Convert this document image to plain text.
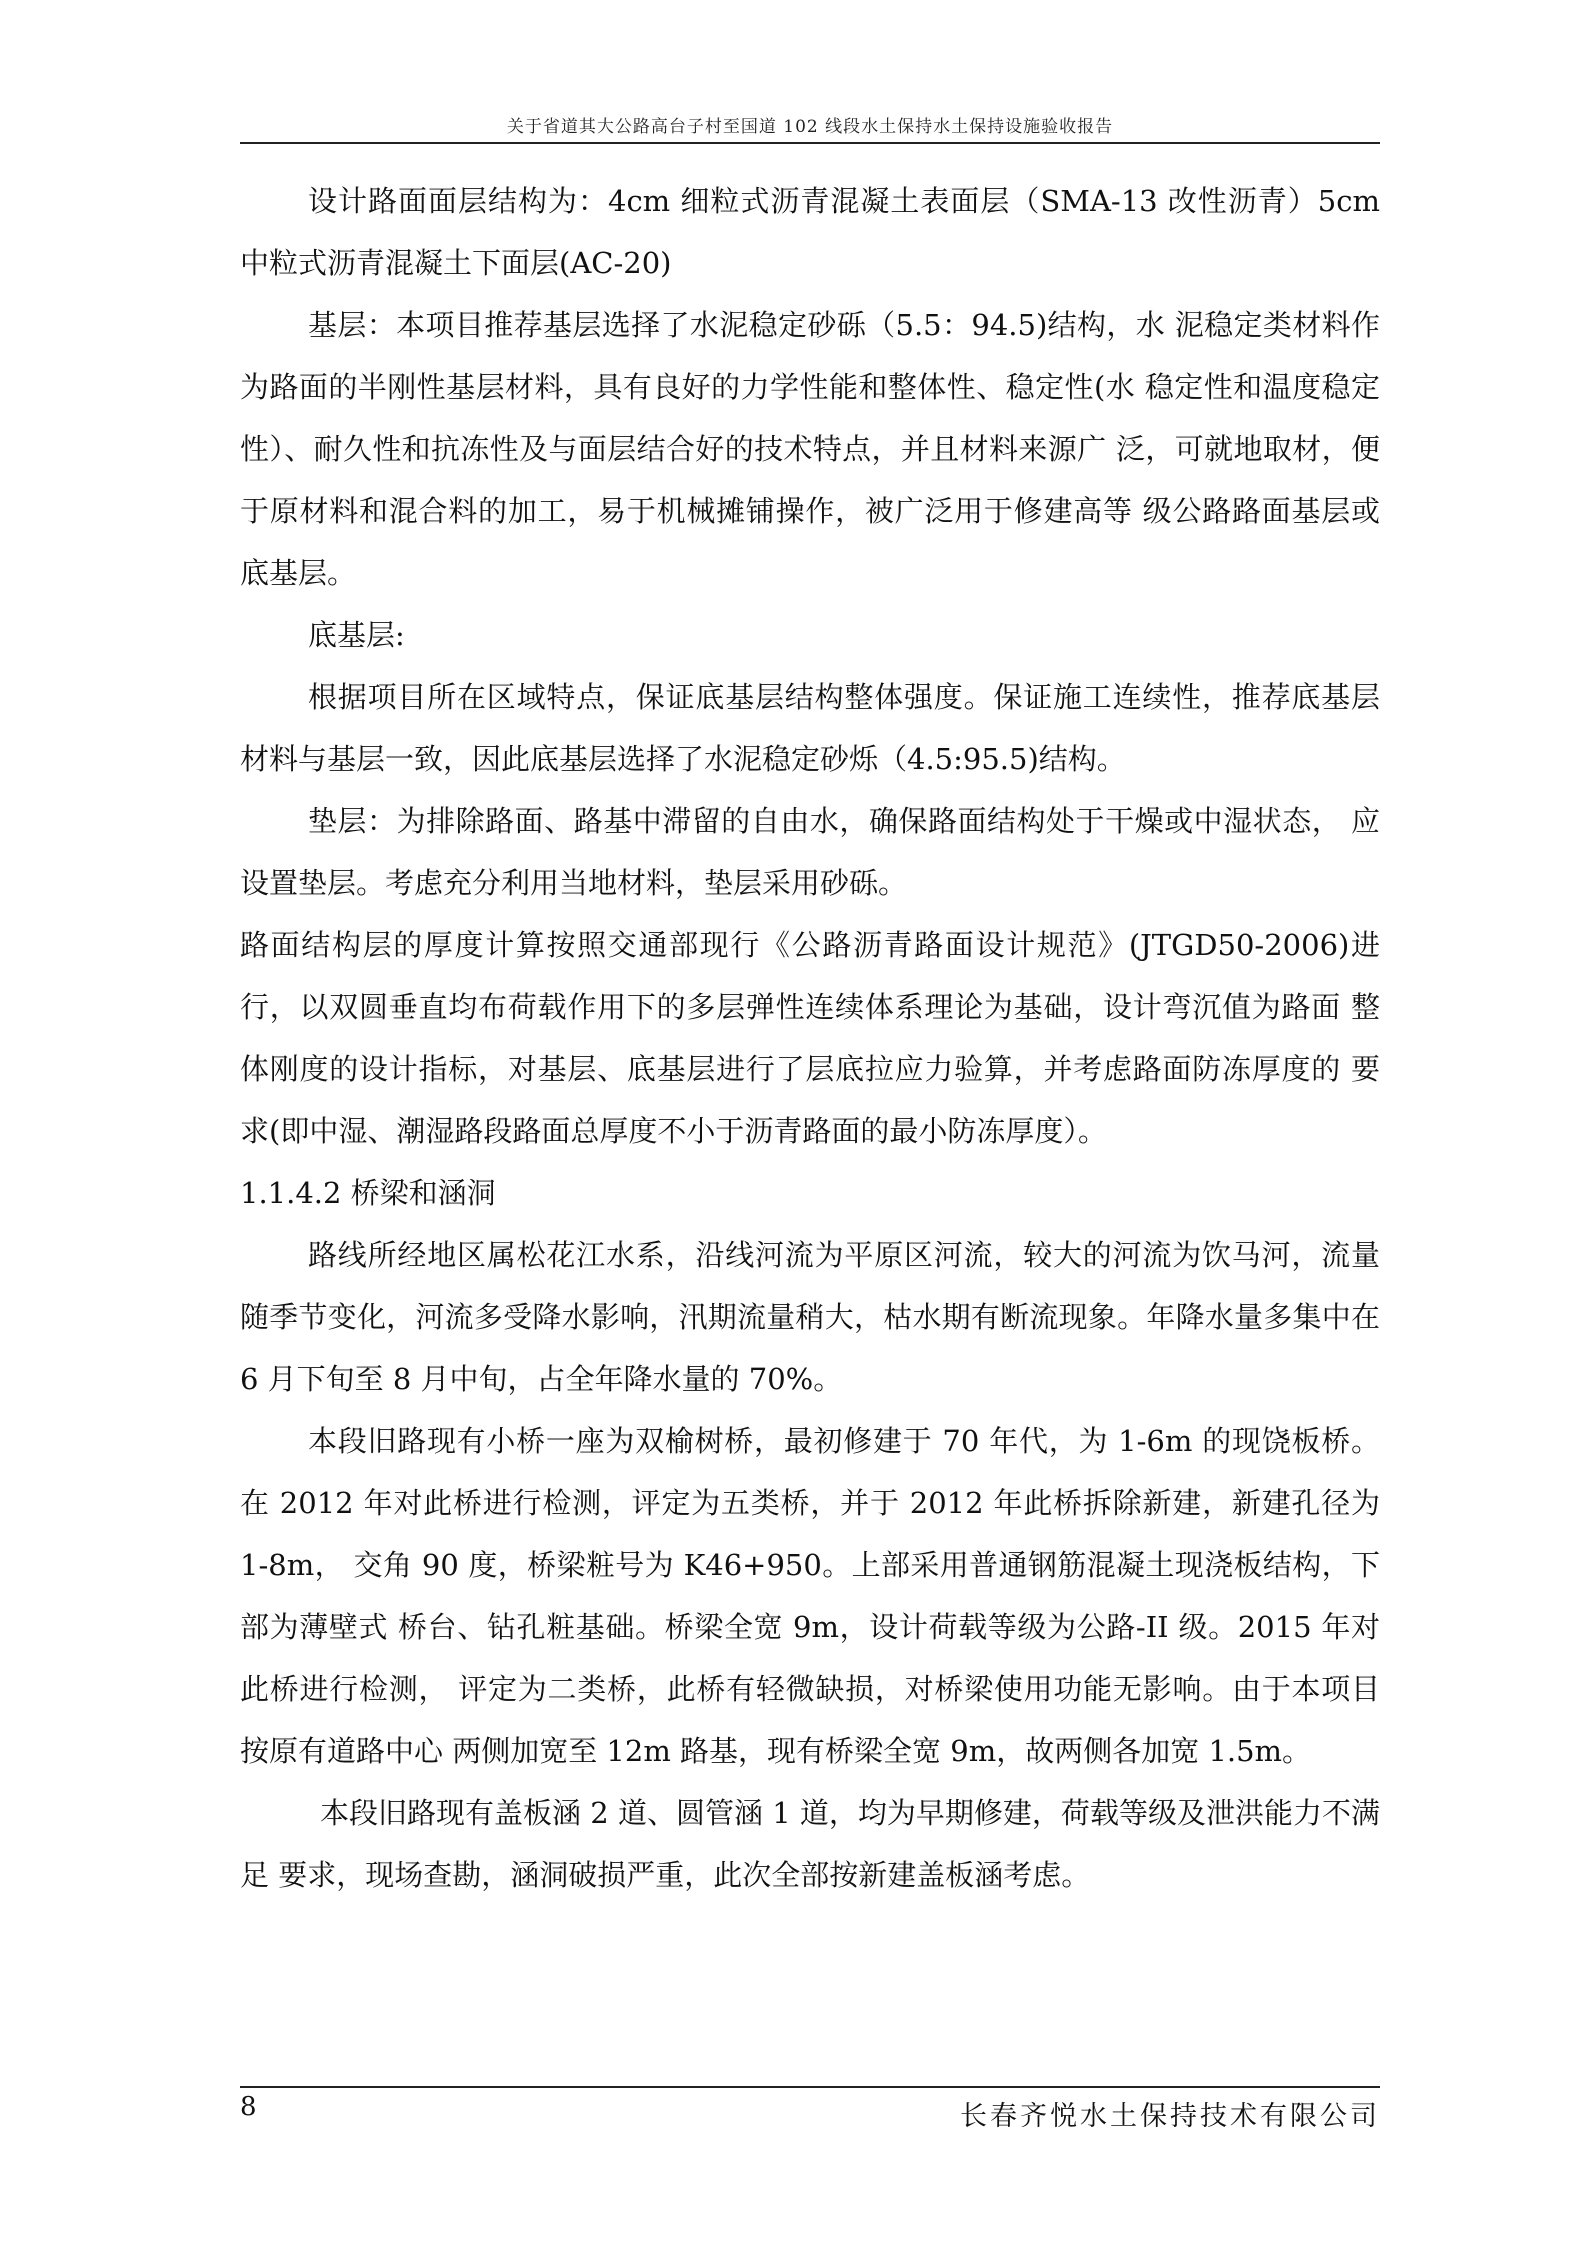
关于省道其大公路高台子村至国道 102 线段水土保持水土保持设施验收报告

设计路面面层结构为：4cm 细粒式沥青混凝土表面层（SMA-13 改性沥青）5cm 中粒式沥青混凝土下面层(AC-20)

基层：本项目推荐基层选择了水泥稳定砂砾（5.5：94.5)结构，水 泥稳定类材料作为路面的半刚性基层材料，具有良好的力学性能和整体性、稳定性(水 稳定性和温度稳定性）、耐久性和抗冻性及与面层结合好的技术特点，并且材料来源广 泛，可就地取材，便于原材料和混合料的加工，易于机械摊铺操作，被广泛用于修建高等 级公路路面基层或底基层。

底基层:

根据项目所在区域特点，保证底基层结构整体强度。保证施工连续性，推荐底基层 材料与基层一致，因此底基层选择了水泥稳定砂烁（4.5:95.5)结构。

垫层：为排除路面、路基中滞留的自由水，确保路面结构处于干燥或中湿状态， 应设置垫层。考虑充分利用当地材料，垫层采用砂砾。

路面结构层的厚度计算按照交通部现行《公路沥青路面设计规范》(JTGD50-2006)进行，以双圆垂直均布荷载作用下的多层弹性连续体系理论为基础，设计弯沉值为路面 整体刚度的设计指标，对基层、底基层进行了层底拉应力验算，并考虑路面防冻厚度的 要求(即中湿、潮湿路段路面总厚度不小于沥青路面的最小防冻厚度）。

1.1.4.2 桥梁和涵洞

路线所经地区属松花江水系，沿线河流为平原区河流，较大的河流为饮马河，流量 随季节变化，河流多受降水影响，汛期流量稍大，枯水期有断流现象。年降水量多集中在 6 月下旬至 8 月中旬，占全年降水量的 70%。

本段旧路现有小桥一座为双榆树桥，最初修建于 70 年代，为 1-6m 的现饶板桥。在 2012 年对此桥进行检测，评定为五类桥，并于 2012 年此桥拆除新建，新建孔径为 1-8m， 交角 90 度，桥梁粧号为 K46+950。上部采用普通钢筋混凝土现浇板结构，下部为薄壁式 桥台、钻孔粧基础。桥梁全宽 9m，设计荷载等级为公路-II 级。2015 年对此桥进行检测， 评定为二类桥，此桥有轻微缺损，对桥梁使用功能无影响。由于本项目按原有道路中心 两侧加宽至 12m 路基，现有桥梁全宽 9m，故两侧各加宽 1.5m。

本段旧路现有盖板涵 2 道、圆管涵 1 道，均为早期修建，荷载等级及泄洪能力不满足 要求，现场查勘，涵洞破损严重，此次全部按新建盖板涵考虑。

8	长春齐悦水土保持技术有限公司
